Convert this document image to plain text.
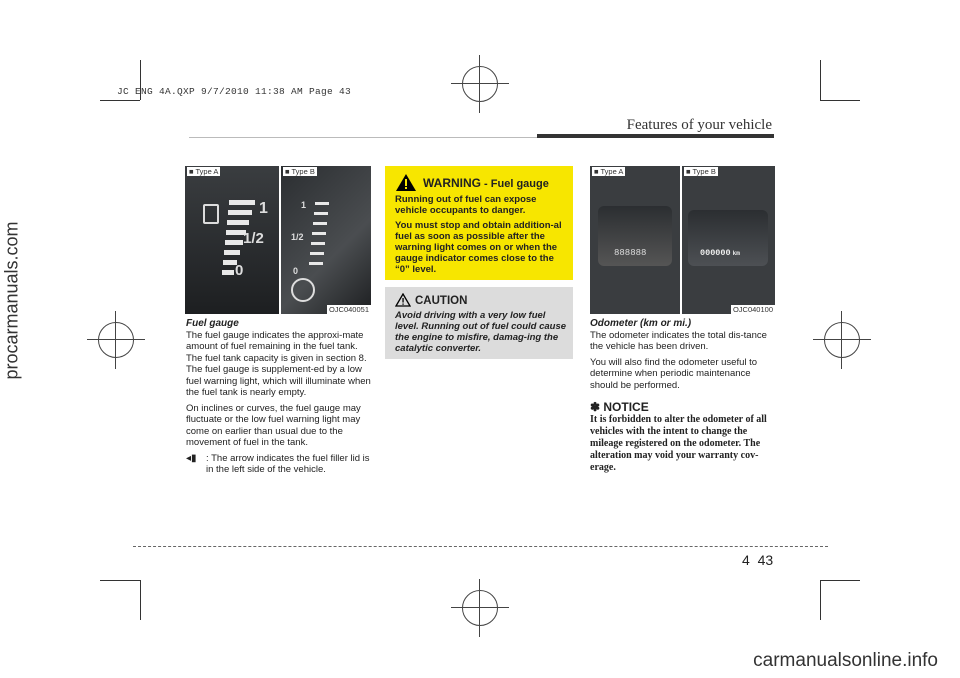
JC ENG 4A.QXP 9/7/2010 11:38 AM Page 43
procarmanuals.com
carmanualsonline.info
Features of your vehicle
■ Type A
1
1/2
0
■ Type B
1
1/2
0
OJC040051
Fuel gauge

The fuel gauge indicates the approxi-mate amount of fuel remaining in the fuel tank. The fuel tank capacity is given in section 8. The fuel gauge is supplement-ed by a low fuel warning light, which will illuminate when the fuel tank is nearly empty.

On inclines or curves, the fuel gauge may fluctuate or the low fuel warning light may come on earlier than usual due to the movement of fuel in the tank.

◂▮ : The arrow indicates the fuel filler lid is in the left side of the vehicle.
WARNING - Fuel gauge

Running out of fuel can expose vehicle occupants to danger.

You must stop and obtain addition-al fuel as soon as possible after the warning light comes on or when the gauge indicator comes close to the “0” level.

CAUTION
Avoid driving with a very low fuel level. Running out of fuel could cause the engine to misfire, damag-ing the catalytic converter.
■ Type A
888888
■ Type B
000000 km
OJC040100
Odometer (km or mi.)

The odometer indicates the total dis-tance the vehicle has been driven.

You will also find the odometer useful to determine when periodic maintenance should be performed.

✽ NOTICE
It is forbidden to alter the odometer of all vehicles with the intent to change the mileage registered on the odometer. The alteration may void your warranty cov-erage.
4 43
